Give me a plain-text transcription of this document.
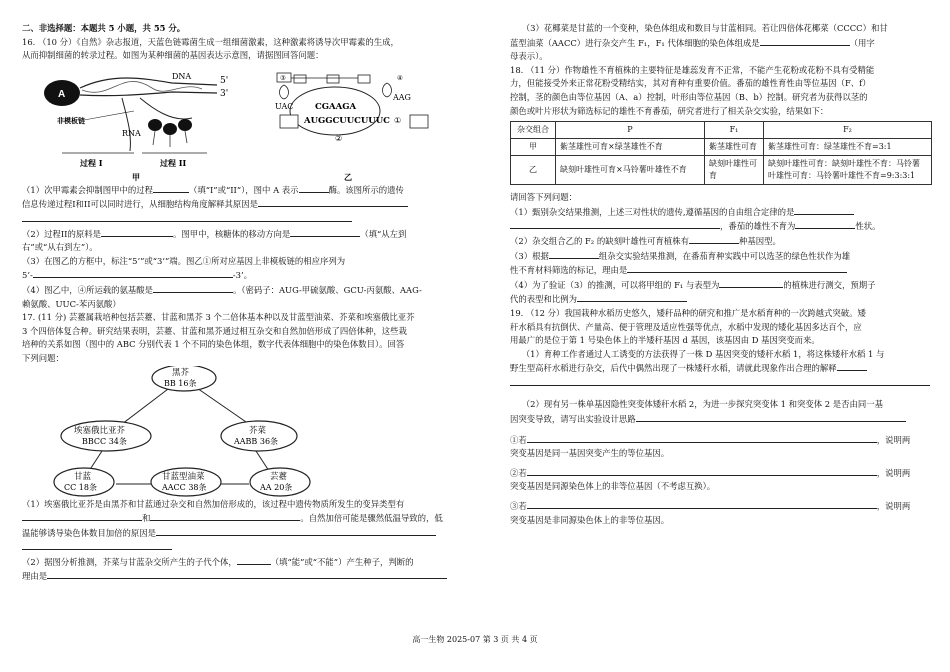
二、非选择题：本题共 5 小题，共 55 分。

16. （10 分）《自然》杂志报道，天蓝色链霉菌生成一组细菌激素，这种激素将诱导次甲霉素的生成，

从而抑制细菌的转录过程。如图为某种细菌的基因表达示意图，请据图回答问题：

A
DNA	5'
3'
非模板链
RNA
过程 I	过程 II
甲
③
UAC
④
AAG
CGAAGA
AUGGCUUCUUUC ①
②
乙

（1）次甲霉素会抑制图甲中的过程	（填“I”或“II”），图中 A 表示	酶。该图所示的遗传

信息传递过程I和II可以同时进行，从细胞结构角度解释其原因是

（2）过程II的原料是	。图甲中，核糖体的移动方向是	（填“从左到

右”或“从右到左”）。

（3）在图乙的方框中，标注“5’”或“3’”端。图乙①所对应基因上非模板链的相应序列为

5’-	-3’。

（4）图乙中，④所运载的氨基酸是	。（密码子：AUG-甲硫氨酸、GCU-丙氨酸、AAG-

赖氨酸、UUC-苯丙氨酸）

17. (11 分) 芸薹属栽培种包括芸薹、甘蓝和黑芥 3 个二倍体基本种以及甘蓝型油菜、芥菜和埃塞俄比亚芥

3 个四倍体复合种。研究结果表明，芸薹、甘蓝和黑芥通过相互杂交和自然加倍形成了四倍体种，这些栽

培种的关系如图（图中的 ABC 分别代表 1 个不同的染色体组，数字代表体细胞中的染色体数目）。回答

下列问题：

黑芥
BB 16条
埃塞俄比亚芥
BBCC 34条
芥菜
AABB 36条
甘蓝
CC 18条
甘蓝型油菜
AACC 38条
芸薹
AA 20条

（1）埃塞俄比亚芥是由黑芥和甘蓝通过杂交和自然加倍形成的，该过程中遗传物质所发生的变异类型有

和	。自然加倍可能是骤然低温导致的，低

温能够诱导染色体数目加倍的原因是

（2）据图分析推测，芥菜与甘蓝杂交所产生的子代个体，	（填“能”或“不能”）产生种子，判断的

理由是

（3）花椰菜是甘蓝的一个变种，染色体组成和数目与甘蓝相同。若让四倍体花椰菜（CCCC）和甘

蓝型油菜（AACC）进行杂交产生 F₁，F₁ 代体细胞的染色体组成是	（用字

母表示）。

18. （11 分）作物雄性不育植株的主要特征是雄蕊发育不正常，不能产生花粉或花粉不具有受精能

力，但能接受外来正常花粉受精结实，其对育种有重要价值。番茄的雄性育性由等位基因（F、f）

控制，茎的颜色由等位基因（A、a）控制，叶形由等位基因（B、b）控制。研究者为获得以茎的

颜色或叶片形状为筛选标记的雄性不育番茄，研究者进行了相关杂交实验，结果如下：

杂交组合	P	F₁	F₂
甲	紫茎雄性可育×绿茎雄性不育	紫茎雄性可育	紫茎雄性可育：绿茎雄性不育=3:1
乙	缺刻叶雄性可育×马铃薯叶雄性不育	缺刻叶雄性可育	缺刻叶雄性可育：缺刻叶雄性不育：马铃薯叶雄性可育：马铃薯叶雄性不育=9:3:3:1

请回答下列问题：

（1）甄别杂交结果推测，上述三对性状的遗传,遵循基因的自由组合定律的是

，番茄的雄性不育为	性状。

（2）杂交组合乙的 F₂ 的缺刻叶雄性可育植株有	种基因型。

（3）根据	组杂交实验结果推测，在番茄育种实践中可以选茎的绿色性状作为雄

性不育材料筛选的标记，理由是

（4）为了验证（3）的推测，可以将甲组的 F₁ 与表型为	的植株进行测交，预期子

代的表型和比例为

19. （12 分）我国栽种水稻历史悠久，矮秆品种的研究和推广是水稻育种的一次跨越式突破。矮

秆水稻具有抗倒伏、产量高、便于管理及适应性强等优点，水稻中发现的矮化基因多达百个，应

用最广的是位于第 1 号染色体上的半矮秆基因 d 基因，该基因由 D 基因突变而来。

（1）育种工作者通过人工诱变的方法获得了一株 D 基因突变的矮秆水稻 1，将这株矮秆水稻 1 与

野生型高秆水稻进行杂交，后代中偶然出现了一株矮秆水稻，请就此现象作出合理的解释

（2）现有另一株单基因隐性突变体矮秆水稻 2，为进一步探究突变体 1 和突变体 2 是否由同一基

因突变导致，请写出实验设计思路

①若	，说明两

突变基因是同一基因突变产生的等位基因。

②若	，说明两

突变基因是同源染色体上的非等位基因（不考虑互换）。

③若	，说明两

突变基因是非同源染色体上的非等位基因。

高一生物 2025-07 第 3 页 共 4 页
